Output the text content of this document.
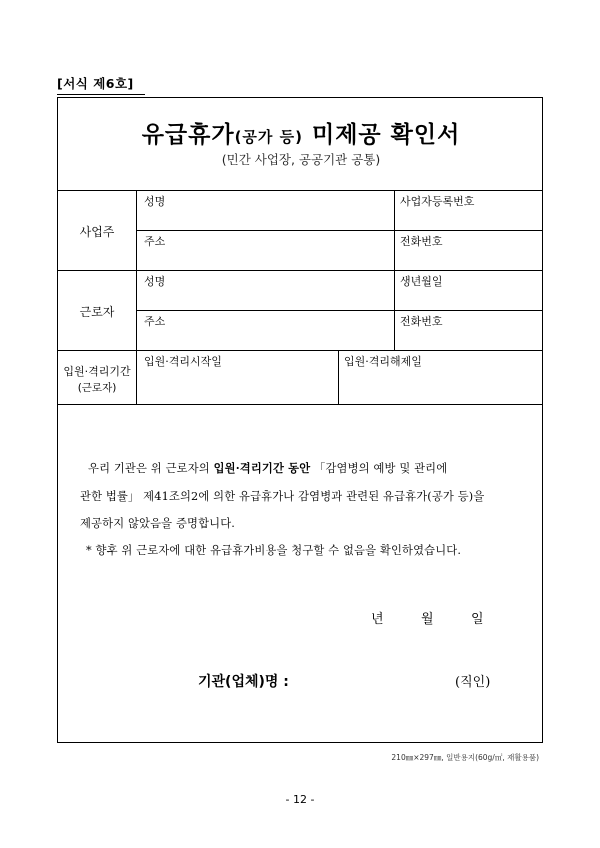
[서식 제6호]
유급휴가(공가 등) 미제공 확인서
(민간 사업장, 공공기관 공통)
사업주
성명	사업자등록번호
주소	전화번호
근로자
성명	생년월일
주소	전화번호
입원·격리기간
(근로자)
입원·격리시작일	입원·격리해제일
우리 기관은 위 근로자의 입원·격리기간 동안 「감염병의 예방 및 관리에
관한 법률」 제41조의2에 의한 유급휴가나 감염병과 관련된 유급휴가(공가 등)을
제공하지 않았음을 증명합니다.
* 향후 위 근로자에 대한 유급휴가비용을 청구할 수 없음을 확인하였습니다.
년	월	일
기관(업체)명 :	(직인)
210㎜×297㎜, 일반용지(60g/㎡, 재활용품)
- 12 -
